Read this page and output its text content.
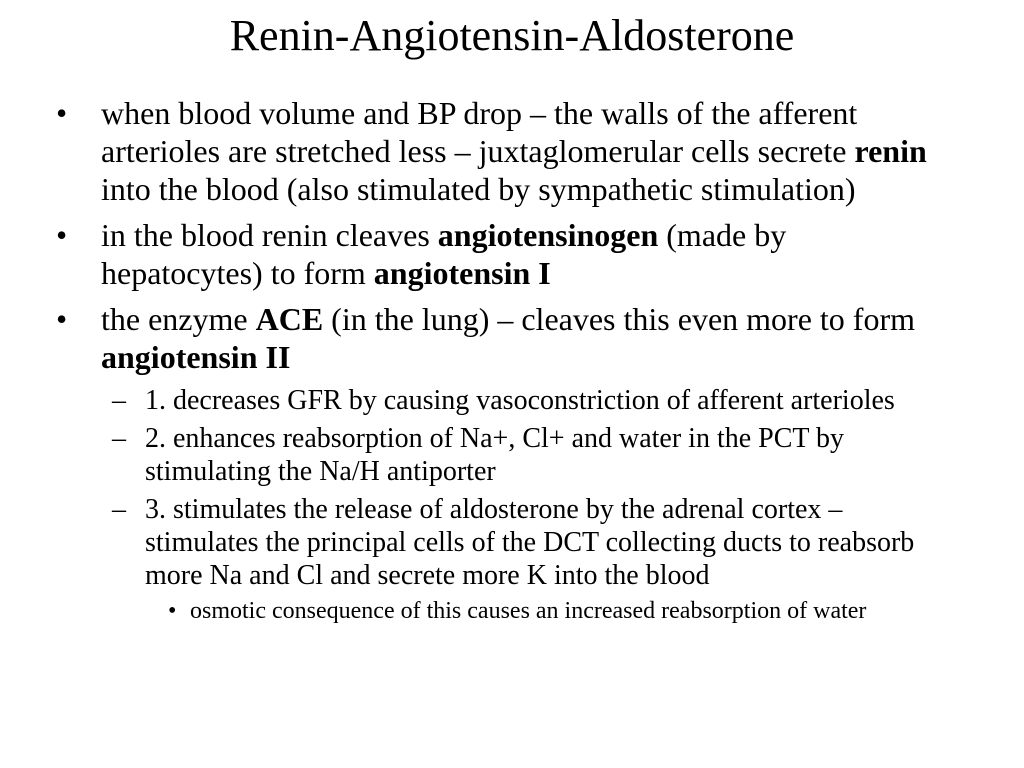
Renin-Angiotensin-Aldosterone
• when blood volume and BP drop – the walls of the afferent arterioles are stretched less – juxtaglomerular cells secrete renin into the blood (also stimulated by sympathetic stimulation)
• in the blood renin cleaves angiotensinogen (made by hepatocytes) to form angiotensin I
• the enzyme ACE (in the lung) – cleaves this even more to form angiotensin II
– 1. decreases GFR by causing vasoconstriction of afferent arterioles
– 2. enhances reabsorption of Na+, Cl+ and water in the PCT by stimulating the Na/H antiporter
– 3. stimulates the release of aldosterone by the adrenal cortex – stimulates the principal cells of the DCT collecting ducts to reabsorb more Na and Cl and secrete more K into the blood
• osmotic consequence of this causes an increased reabsorption of water
